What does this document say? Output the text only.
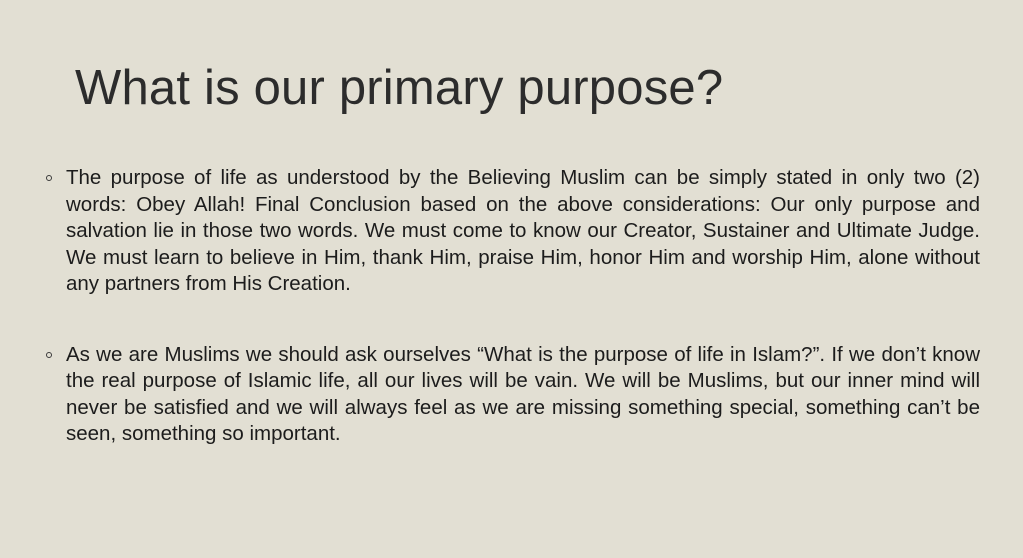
What is our primary purpose?
The purpose of life as understood by the Believing Muslim can be simply stated in only two (2) words: Obey Allah! Final Conclusion based on the above considerations: Our only purpose and salvation lie in those two words. We must come to know our Creator, Sustainer and Ultimate Judge. We must learn to believe in Him, thank Him, praise Him, honor Him and worship Him, alone without any partners from His Creation.
As we are Muslims we should ask ourselves “What is the purpose of life in Islam?”. If we don’t know the real purpose of Islamic life, all our lives will be vain. We will be Muslims, but our inner mind will never be satisfied and we will always feel as we are missing something special, something can’t be seen, something so important.
